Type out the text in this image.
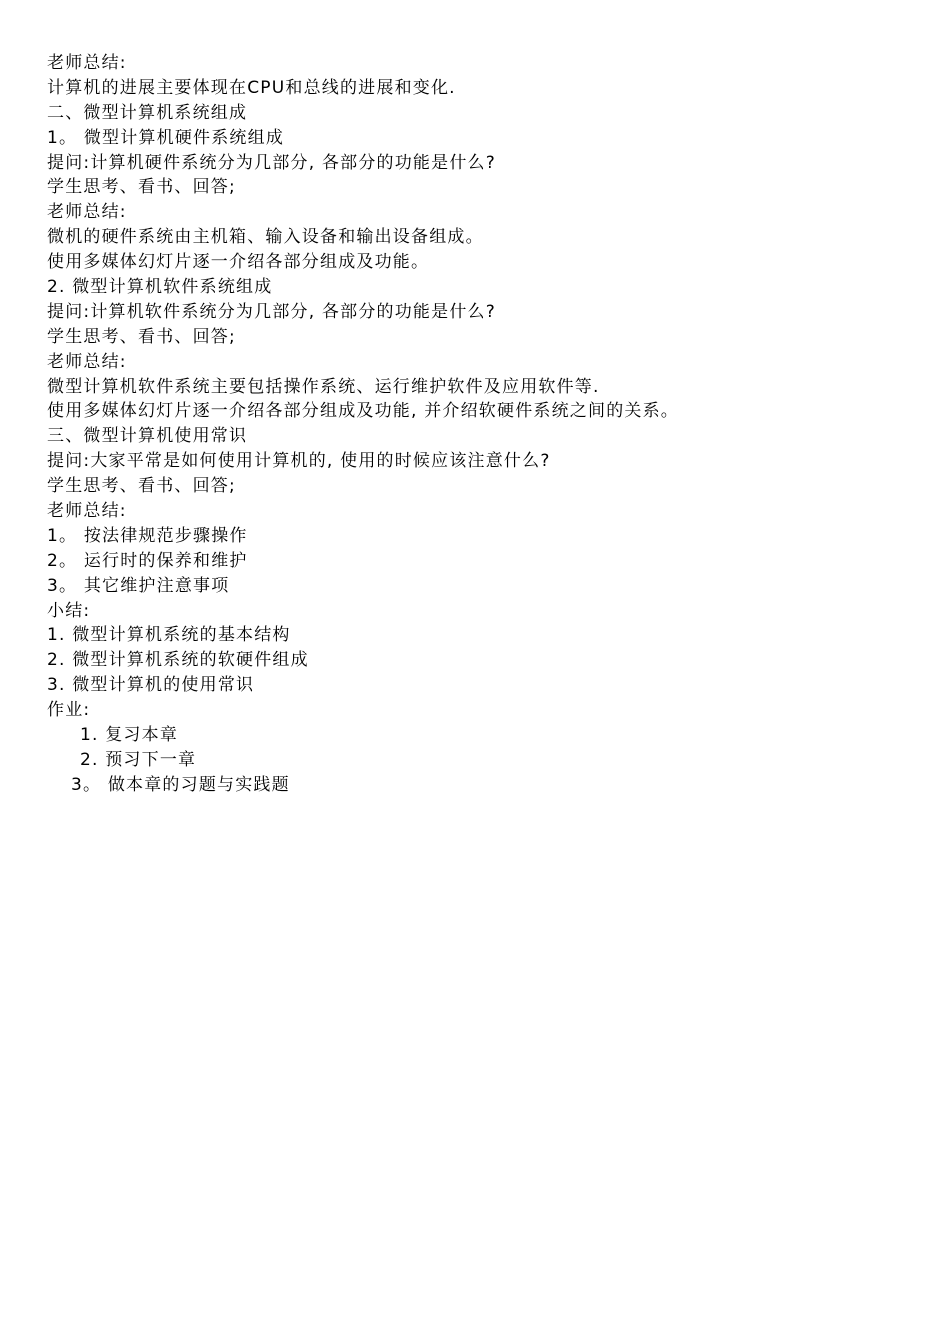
老师总结:
计算机的进展主要体现在CPU和总线的进展和变化.
二、微型计算机系统组成
1。 微型计算机硬件系统组成
提问:计算机硬件系统分为几部分, 各部分的功能是什么?
学生思考、看书、回答;
老师总结:
微机的硬件系统由主机箱、输入设备和输出设备组成。
使用多媒体幻灯片逐一介绍各部分组成及功能。
2. 微型计算机软件系统组成
提问:计算机软件系统分为几部分, 各部分的功能是什么?
学生思考、看书、回答;
老师总结:
微型计算机软件系统主要包括操作系统、运行维护软件及应用软件等.
使用多媒体幻灯片逐一介绍各部分组成及功能, 并介绍软硬件系统之间的关系。
三、微型计算机使用常识
提问:大家平常是如何使用计算机的, 使用的时候应该注意什么?
学生思考、看书、回答;
老师总结:
1。 按法律规范步骤操作
2。 运行时的保养和维护
3。 其它维护注意事项
小结:
1. 微型计算机系统的基本结构
2. 微型计算机系统的软硬件组成
3. 微型计算机的使用常识
作业:
1. 复习本章
2. 预习下一章
3。 做本章的习题与实践题
